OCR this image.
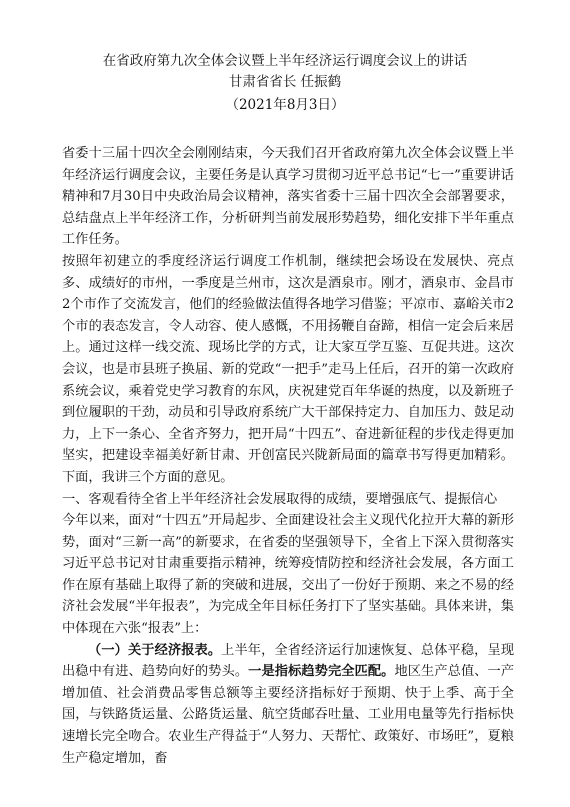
在省政府第九次全体会议暨上半年经济运行调度会议上的讲话
甘肃省省长 任振鹤
（2021年8月3日）

省委十三届十四次全会刚刚结束，今天我们召开省政府第九次全体会议暨上半年经济运行调度会议，主要任务是认真学习贯彻习近平总书记“七一”重要讲话精神和7月30日中央政治局会议精神，落实省委十三届十四次全会部署要求，总结盘点上半年经济工作，分析研判当前发展形势趋势，细化安排下半年重点工作任务。

按照年初建立的季度经济运行调度工作机制，继续把会场设在发展快、亮点多、成绩好的市州，一季度是兰州市，这次是酒泉市。刚才，酒泉市、金昌市2个市作了交流发言，他们的经验做法值得各地学习借鉴；平凉市、嘉峪关市2个市的表态发言，令人动容、使人感慨，不用扬鞭自奋蹄，相信一定会后来居上。通过这样一线交流、现场比学的方式，让大家互学互鉴、互促共进。这次会议，也是市县班子换届、新的党政“一把手”走马上任后，召开的第一次政府系统会议，乘着党史学习教育的东风，庆祝建党百年华诞的热度，以及新班子到位履职的干劲，动员和引导政府系统广大干部保持定力、自加压力、鼓足动力，上下一条心、全省齐努力，把开局“十四五”、奋进新征程的步伐走得更加坚实，把建设幸福美好新甘肃、开创富民兴陇新局面的篇章书写得更加精彩。下面，我讲三个方面的意见。

一、客观看待全省上半年经济社会发展取得的成绩，要增强底气、提振信心

今年以来，面对“十四五”开局起步、全面建设社会主义现代化拉开大幕的新形势，面对“三新一高”的新要求，在省委的坚强领导下，全省上下深入贯彻落实习近平总书记对甘肃重要指示精神，统筹疫情防控和经济社会发展，各方面工作在原有基础上取得了新的突破和进展，交出了一份好于预期、来之不易的经济社会发展“半年报表”，为完成全年目标任务打下了坚实基础。具体来讲，集中体现在六张“报表”上：

（一）关于经济报表。上半年，全省经济运行加速恢复、总体平稳，呈现出稳中有进、趋势向好的势头。一是指标趋势完全匹配。地区生产总值、一产增加值、社会消费品零售总额等主要经济指标好于预期、快于上季、高于全国，与铁路货运量、公路货运量、航空货邮吞吐量、工业用电量等先行指标快速增长完全吻合。农业生产得益于“人努力、天帮忙、政策好、市场旺”，夏粮生产稳定增加，畜
